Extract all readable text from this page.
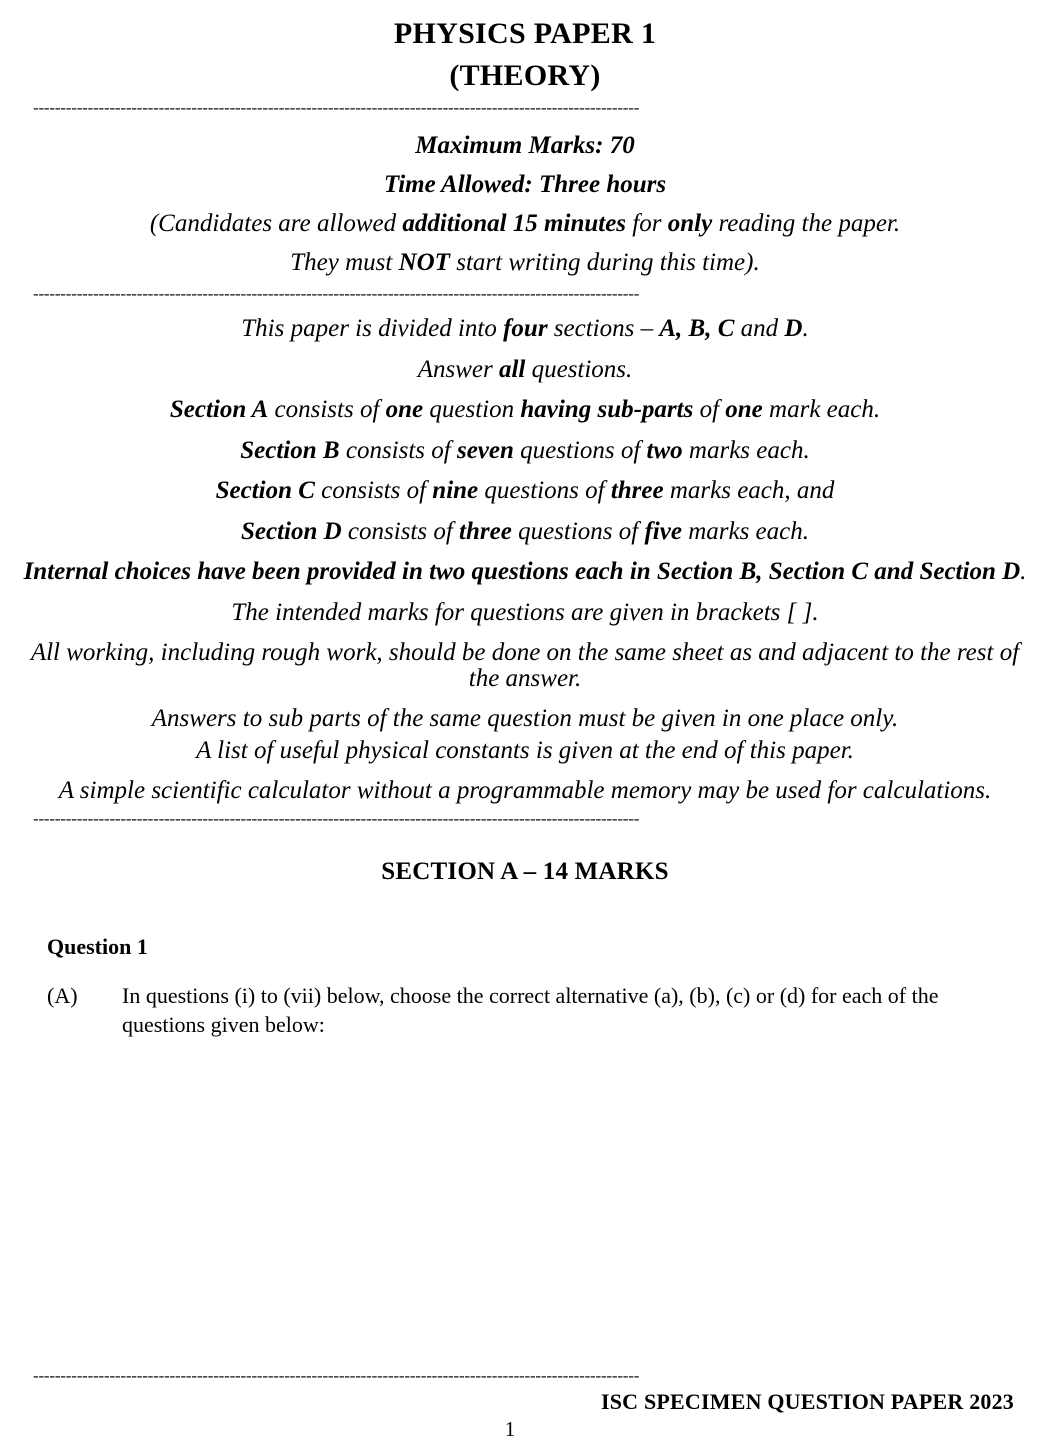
PHYSICS PAPER 1
(THEORY)
---------------------------------------------------------------------------------------------------------------
Maximum Marks: 70
Time Allowed: Three hours
(Candidates are allowed additional 15 minutes for only reading the paper.
They must NOT start writing during this time).
---------------------------------------------------------------------------------------------------------------
This paper is divided into four sections – A, B, C and D.
Answer all questions.
Section A consists of one question having sub-parts of one mark each.
Section B consists of seven questions of two marks each.
Section C consists of nine questions of three marks each, and
Section D consists of three questions of five marks each.
Internal choices have been provided in two questions each in Section B, Section C and Section D.
The intended marks for questions are given in brackets [ ].
All working, including rough work, should be done on the same sheet as and adjacent to the rest of the answer.
Answers to sub parts of the same question must be given in one place only.
A list of useful physical constants is given at the end of this paper.
A simple scientific calculator without a programmable memory may be used for calculations.
---------------------------------------------------------------------------------------------------------------
SECTION A – 14 MARKS
Question 1
(A)	In questions (i) to (vii) below, choose the correct alternative (a), (b), (c) or (d) for each of the questions given below:
---------------------------------------------------------------------------------------------------------------
ISC SPECIMEN QUESTION PAPER 2023
1
